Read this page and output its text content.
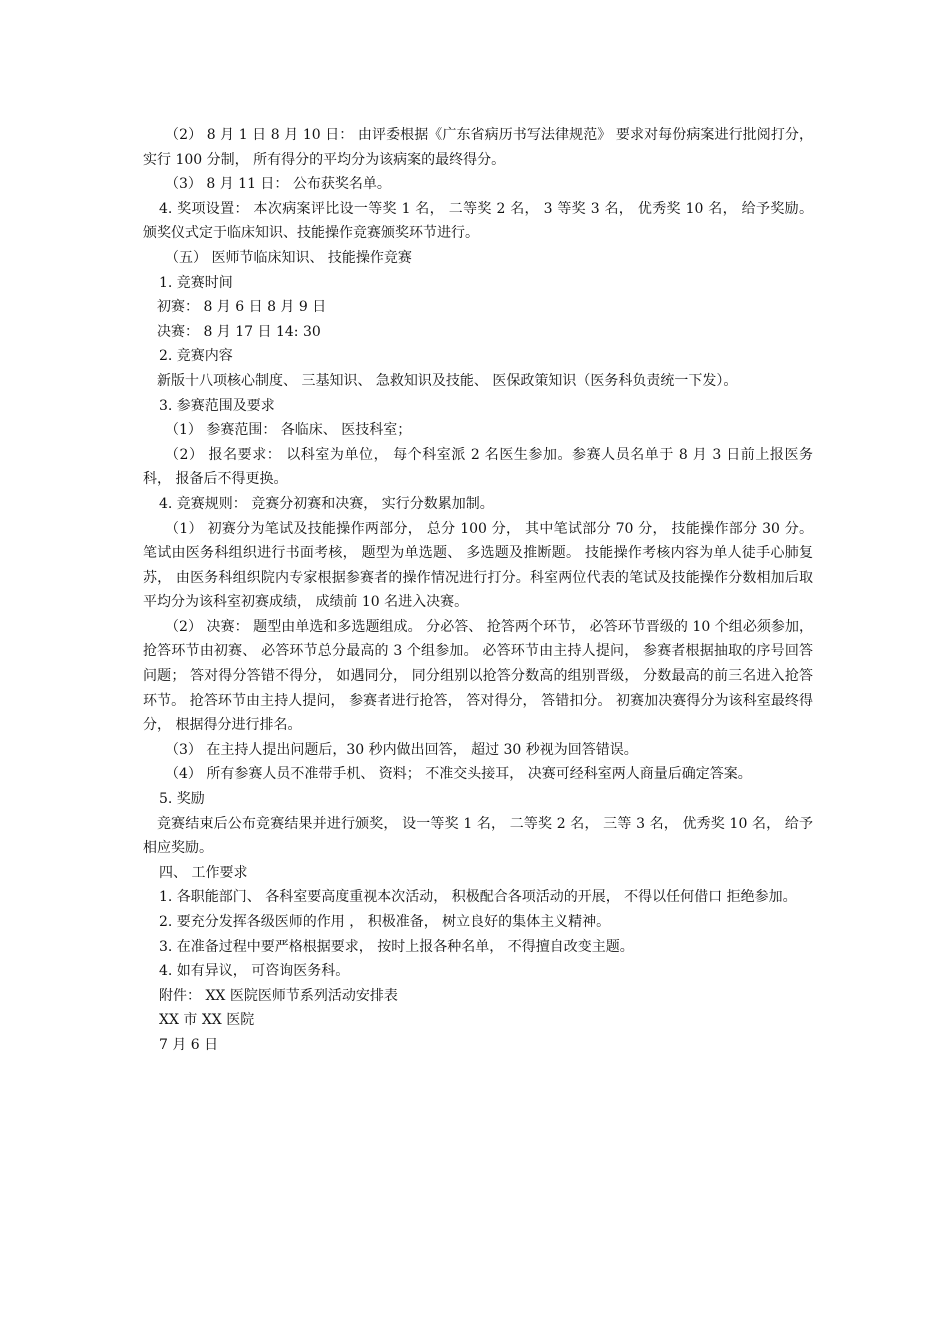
（2） 8 月 1 日 8 月 10 日： 由评委根据《广东省病历书写法律规范》 要求对每份病案进行批阅打分， 实行 100 分制， 所有得分的平均分为该病案的最终得分。

（3） 8 月 11 日： 公布获奖名单。

4. 奖项设置： 本次病案评比设一等奖 1 名， 二等奖 2 名， 3 等奖 3 名， 优秀奖 10 名， 给予奖励。 颁奖仪式定于临床知识、技能操作竞赛颁奖环节进行。

（五） 医师节临床知识、 技能操作竞赛

1. 竞赛时间

初赛： 8 月 6 日 8 月 9 日

决赛： 8 月 17 日 14: 30

2. 竞赛内容

新版十八项核心制度、 三基知识、 急救知识及技能、 医保政策知识（医务科负责统一下发）。

3. 参赛范围及要求

（1） 参赛范围： 各临床、 医技科室；

（2） 报名要求： 以科室为单位， 每个科室派 2 名医生参加。参赛人员名单于 8 月 3 日前上报医务科， 报备后不得更换。

4. 竞赛规则： 竞赛分初赛和决赛， 实行分数累加制。

（1） 初赛分为笔试及技能操作两部分， 总分 100 分， 其中笔试部分 70 分， 技能操作部分 30 分。 笔试由医务科组织进行书面考核， 题型为单选题、 多选题及推断题。 技能操作考核内容为单人徒手心肺复苏， 由医务科组织院内专家根据参赛者的操作情况进行打分。科室两位代表的笔试及技能操作分数相加后取平均分为该科室初赛成绩， 成绩前 10 名进入决赛。

（2） 决赛： 题型由单选和多选题组成。 分必答、 抢答两个环节， 必答环节晋级的 10 个组必须参加， 抢答环节由初赛、 必答环节总分最高的 3 个组参加。 必答环节由主持人提问， 参赛者根据抽取的序号回答问题； 答对得分答错不得分， 如遇同分， 同分组别以抢答分数高的组别晋级， 分数最高的前三名进入抢答环节。 抢答环节由主持人提问， 参赛者进行抢答， 答对得分， 答错扣分。 初赛加决赛得分为该科室最终得分， 根据得分进行排名。

（3） 在主持人提出问题后，30 秒内做出回答， 超过 30 秒视为回答错误。

（4） 所有参赛人员不准带手机、 资料； 不准交头接耳， 决赛可经科室两人商量后确定答案。

5. 奖励

竞赛结束后公布竞赛结果并进行颁奖， 设一等奖 1 名， 二等奖 2 名， 三等 3 名， 优秀奖 10 名， 给予相应奖励。

四、 工作要求

1. 各职能部门、 各科室要高度重视本次活动， 积极配合各项活动的开展， 不得以任何借口 拒绝参加。

2. 要充分发挥各级医师的作用 ， 积极准备， 树立良好的集体主义精神。

3. 在准备过程中要严格根据要求， 按时上报各种名单， 不得擅自改变主题。

4. 如有异议， 可咨询医务科。

附件： XX 医院医师节系列活动安排表

XX 市 XX 医院

7 月 6 日
